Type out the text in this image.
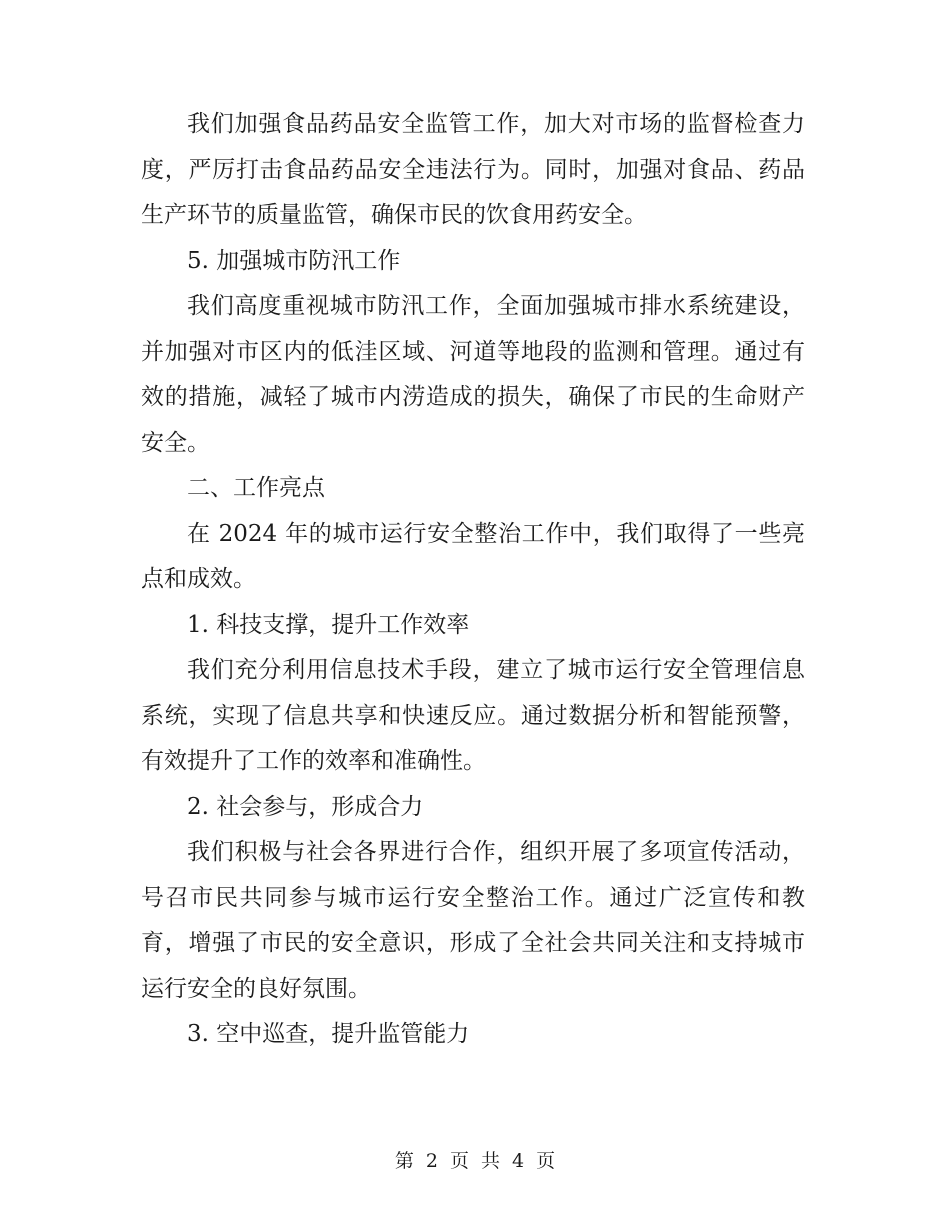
我们加强食品药品安全监管工作，加大对市场的监督检查力度，严厉打击食品药品安全违法行为。同时，加强对食品、药品生产环节的质量监管，确保市民的饮食用药安全。

5. 加强城市防汛工作

我们高度重视城市防汛工作，全面加强城市排水系统建设，并加强对市区内的低洼区域、河道等地段的监测和管理。通过有效的措施，减轻了城市内涝造成的损失，确保了市民的生命财产安全。

二、工作亮点

在 2024 年的城市运行安全整治工作中，我们取得了一些亮点和成效。

1. 科技支撑，提升工作效率

我们充分利用信息技术手段，建立了城市运行安全管理信息系统，实现了信息共享和快速反应。通过数据分析和智能预警，有效提升了工作的效率和准确性。

2. 社会参与，形成合力

我们积极与社会各界进行合作，组织开展了多项宣传活动，号召市民共同参与城市运行安全整治工作。通过广泛宣传和教育，增强了市民的安全意识，形成了全社会共同关注和支持城市运行安全的良好氛围。

3. 空中巡查，提升监管能力

第 2 页 共 4 页
